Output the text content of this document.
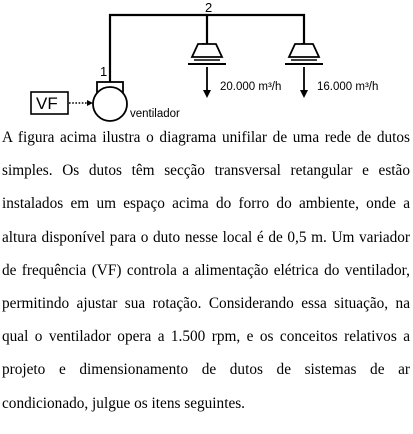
VF
ventilador
1
2
20.000 m³/h	16.000 m³/h

A figura acima ilustra o diagrama unifilar de uma rede de dutos
simples. Os dutos têm secção transversal retangular e estão
instalados em um espaço acima do forro do ambiente, onde a
altura disponível para o duto nesse local é de 0,5 m. Um variador
de frequência (VF) controla a alimentação elétrica do ventilador,
permitindo ajustar sua rotação. Considerando essa situação, na
qual o ventilador opera a 1.500 rpm, e os conceitos relativos a
projeto e dimensionamento de dutos de sistemas de ar
condicionado, julgue os itens seguintes.
